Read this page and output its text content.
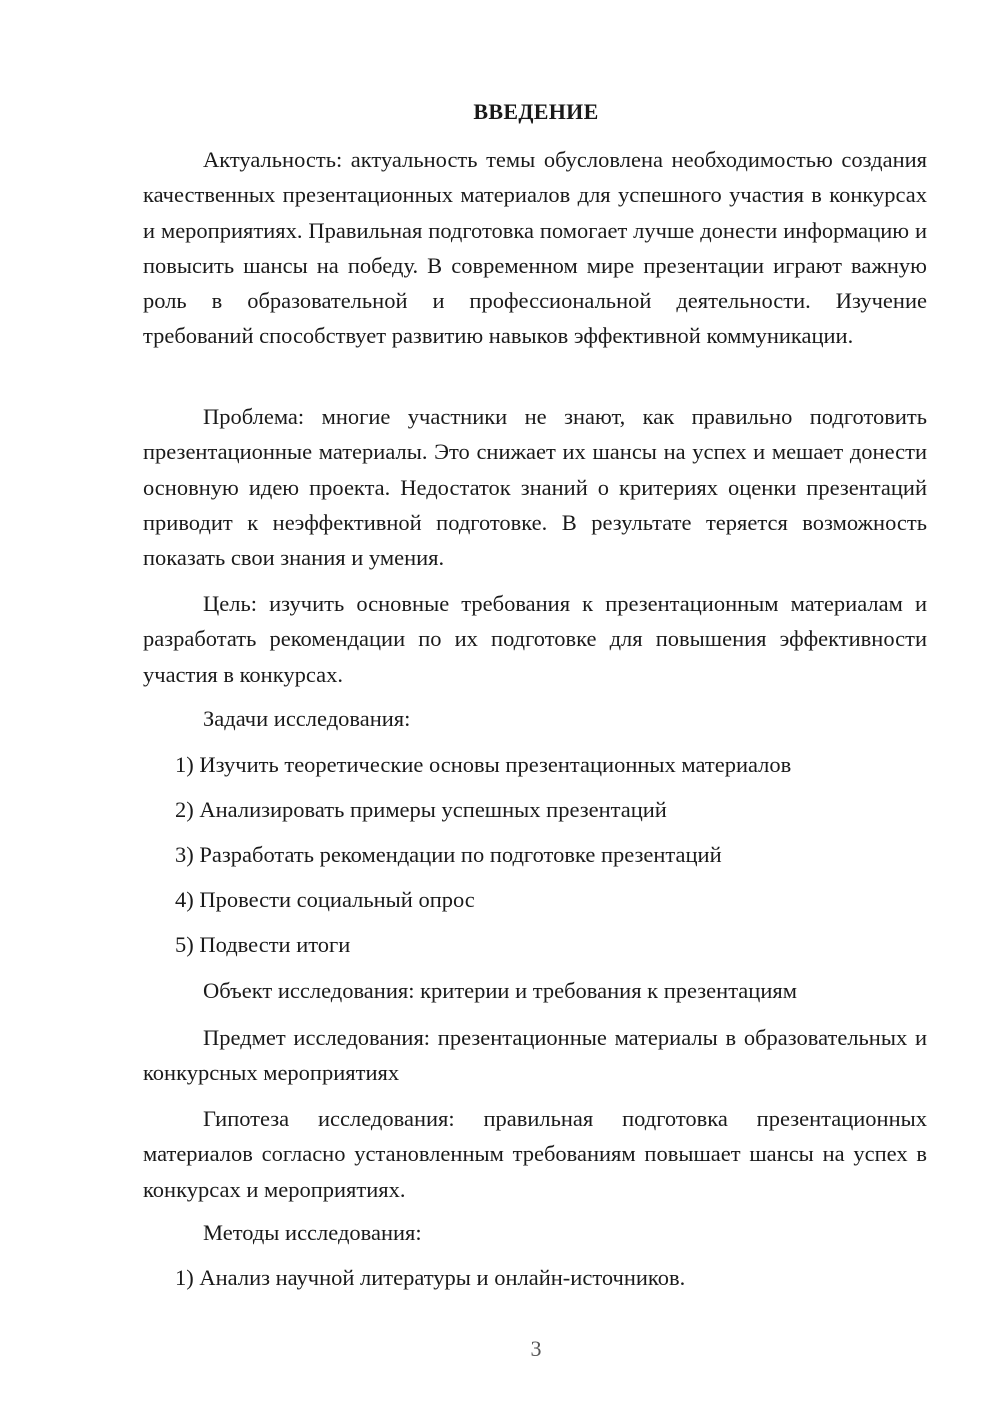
ВВЕДЕНИЕ

Актуальность: актуальность темы обусловлена необходимостью создания качественных презентационных материалов для успешного участия в конкурсах и мероприятиях. Правильная подготовка помогает лучше донести информацию и повысить шансы на победу. В современном мире презентации играют важную роль в образовательной и профессиональной деятельности. Изучение требований способствует развитию навыков эффективной коммуникации.

Проблема: многие участники не знают, как правильно подготовить презентационные материалы. Это снижает их шансы на успех и мешает донести основную идею проекта. Недостаток знаний о критериях оценки презентаций приводит к неэффективной подготовке. В результате теряется возможность показать свои знания и умения.

Цель: изучить основные требования к презентационным материалам и разработать рекомендации по их подготовке для повышения эффективности участия в конкурсах.

Задачи исследования:

1) Изучить теоретические основы презентационных материалов

2) Анализировать примеры успешных презентаций

3) Разработать рекомендации по подготовке презентаций

4) Провести социальный опрос

5) Подвести итоги

Объект исследования: критерии и требования к презентациям

Предмет исследования: презентационные материалы в образовательных и конкурсных мероприятиях

Гипотеза исследования: правильная подготовка презентационных материалов согласно установленным требованиям повышает шансы на успех в конкурсах и мероприятиях.

Методы исследования:

1) Анализ научной литературы и онлайн-источников.

3
